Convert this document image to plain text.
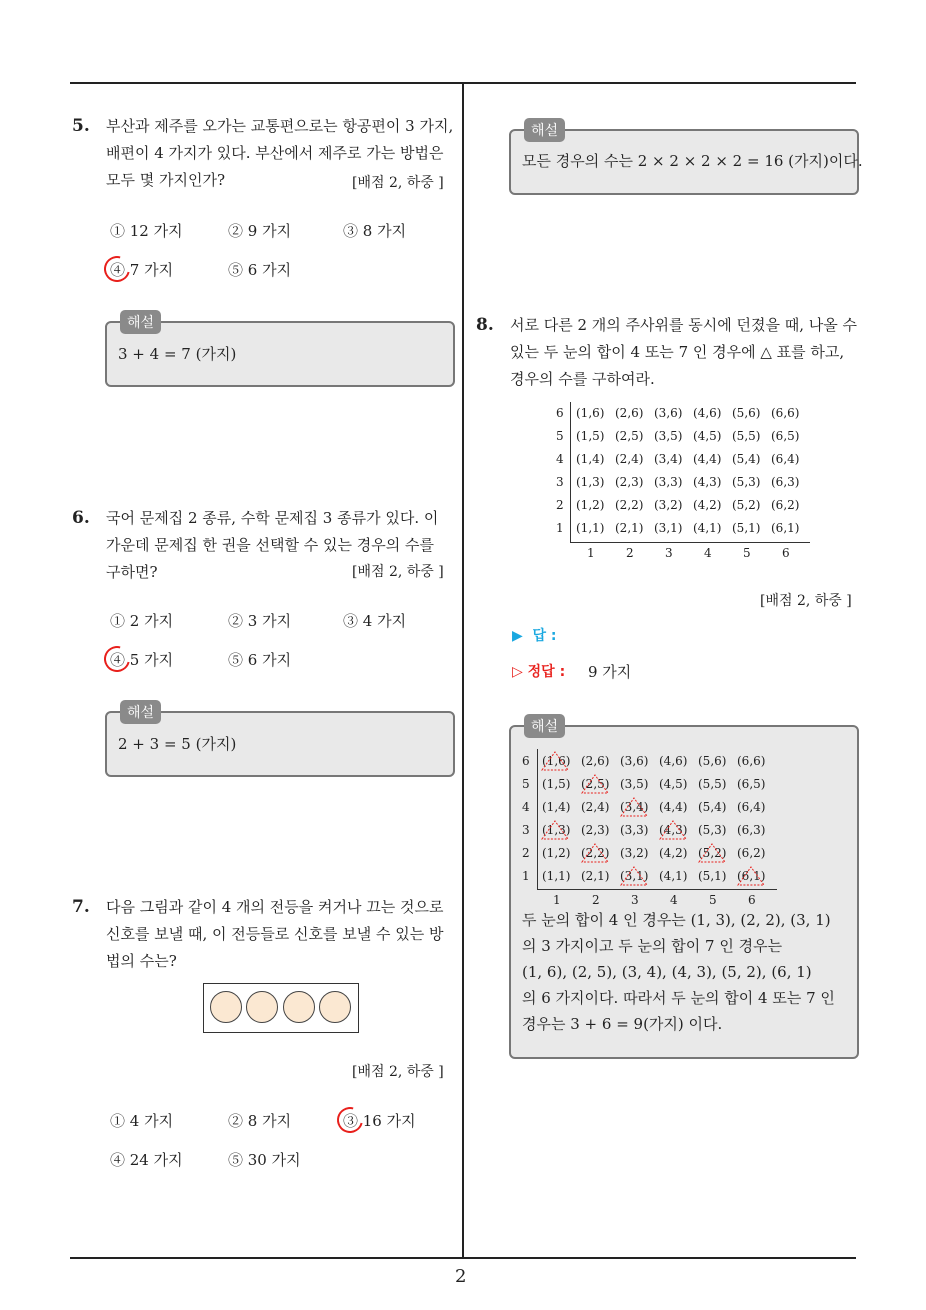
2
5. 부산과 제주를 오가는 교통편으로는 항공편이 3 가지,
배편이 4 가지가 있다. 부산에서 제주로 가는 방법은
모두 몇 가지인가?	[배점 2, 하중 ]
① 12 가지	② 9 가지	③ 8 가지
④ 7 가지	⑤ 6 가지
해설
3 + 4 = 7 (가지)
6. 국어 문제집 2 종류, 수학 문제집 3 종류가 있다. 이
가운데 문제집 한 권을 선택할 수 있는 경우의 수를
구하면?	[배점 2, 하중 ]
① 2 가지	② 3 가지	③ 4 가지
④ 5 가지	⑤ 6 가지
해설
2 + 3 = 5 (가지)
7. 다음 그림과 같이 4 개의 전등을 켜거나 끄는 것으로
신호를 보낼 때, 이 전등들로 신호를 보낼 수 있는 방
법의 수는?
[배점 2, 하중 ]
① 4 가지	② 8 가지	③ 16 가지
④ 24 가지	⑤ 30 가지
해설
모든 경우의 수는 2 × 2 × 2 × 2 = 16 (가지)이다.
8. 서로 다른 2 개의 주사위를 동시에 던졌을 때, 나올 수
있는 두 눈의 합이 4 또는 7 인 경우에 △ 표를 하고,
경우의 수를 구하여라.
6 (1,6) (2,6) (3,6) (4,6) (5,6) (6,6)
5 (1,5) (2,5) (3,5) (4,5) (5,5) (6,5)
4 (1,4) (2,4) (3,4) (4,4) (5,4) (6,4)
3 (1,3) (2,3) (3,3) (4,3) (5,3) (6,3)
2 (1,2) (2,2) (3,2) (4,2) (5,2) (6,2)
1 (1,1) (2,1) (3,1) (4,1) (5,1) (6,1)
1	2	3	4	5	6
[배점 2, 하중 ]
▶  답 :
▷ 정답 : 9 가지
해설
6 (1,6) (2,6) (3,6) (4,6) (5,6) (6,6)
5 (1,5) (2,5) (3,5) (4,5) (5,5) (6,5)
4 (1,4) (2,4) (3,4) (4,4) (5,4) (6,4)
3 (1,3) (2,3) (3,3) (4,3) (5,3) (6,3)
2 (1,2) (2,2) (3,2) (4,2) (5,2) (6,2)
1 (1,1) (2,1) (3,1) (4,1) (5,1) (6,1)
1	2	3	4	5	6
두 눈의 합이 4 인 경우는 (1, 3), (2, 2), (3, 1)
의 3 가지이고 두 눈의 합이 7 인 경우는
(1, 6), (2, 5), (3, 4), (4, 3), (5, 2), (6, 1)
의 6 가지이다. 따라서 두 눈의 합이 4 또는 7 인
경우는 3 + 6 = 9(가지) 이다.
